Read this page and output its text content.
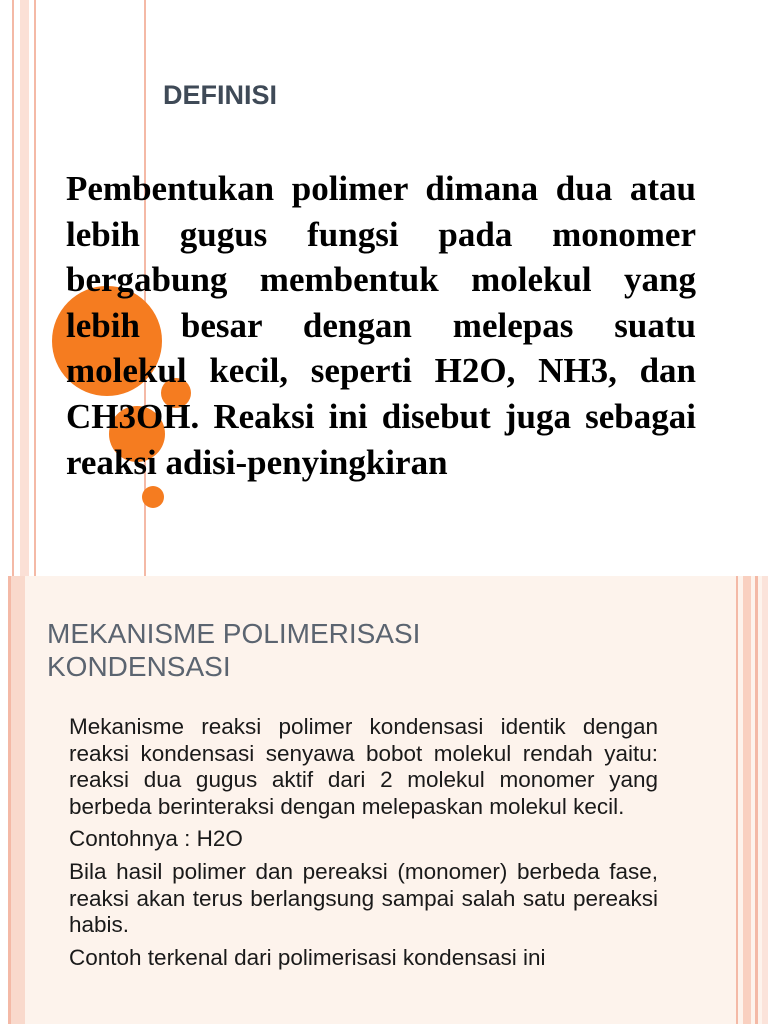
DEFINISI

Pembentukan polimer dimana dua atau lebih gugus fungsi pada monomer bergabung membentuk molekul yang lebih besar dengan melepas suatu molekul kecil, seperti H2O, NH3, dan CH3OH. Reaksi ini disebut juga sebagai reaksi adisi-penyingkiran

MEKANISME POLIMERISASI
KONDENSASI

Mekanisme reaksi polimer kondensasi identik dengan reaksi kondensasi senyawa bobot molekul rendah yaitu: reaksi dua gugus aktif dari 2 molekul monomer yang berbeda berinteraksi dengan melepaskan molekul kecil.

Contohnya : H2O

Bila hasil polimer dan pereaksi (monomer) berbeda fase, reaksi akan terus berlangsung sampai salah satu pereaksi habis.

Contoh terkenal dari polimerisasi kondensasi ini
